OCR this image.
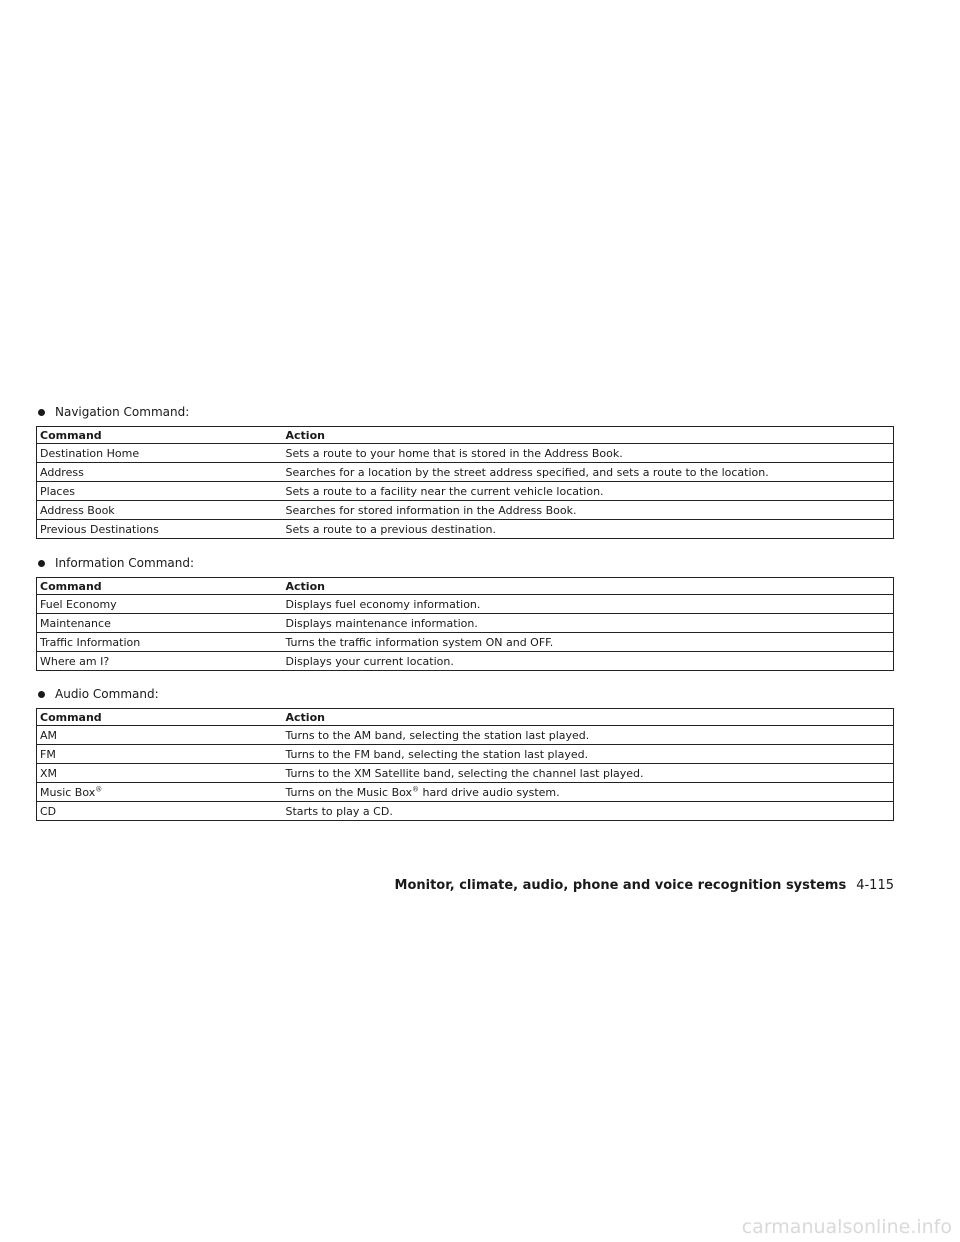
Navigation Command:
Command	Action
Destination Home	Sets a route to your home that is stored in the Address Book.
Address	Searches for a location by the street address specified, and sets a route to the location.
Places	Sets a route to a facility near the current vehicle location.
Address Book	Searches for stored information in the Address Book.
Previous Destinations	Sets a route to a previous destination.
Information Command:
Command	Action
Fuel Economy	Displays fuel economy information.
Maintenance	Displays maintenance information.
Traffic Information	Turns the traffic information system ON and OFF.
Where am I?	Displays your current location.
Audio Command:
Command	Action
AM	Turns to the AM band, selecting the station last played.
FM	Turns to the FM band, selecting the station last played.
XM	Turns to the XM Satellite band, selecting the channel last played.
Music Box®	Turns on the Music Box® hard drive audio system.
CD	Starts to play a CD.
Monitor, climate, audio, phone and voice recognition systems 4-115
carmanualsonline.info
